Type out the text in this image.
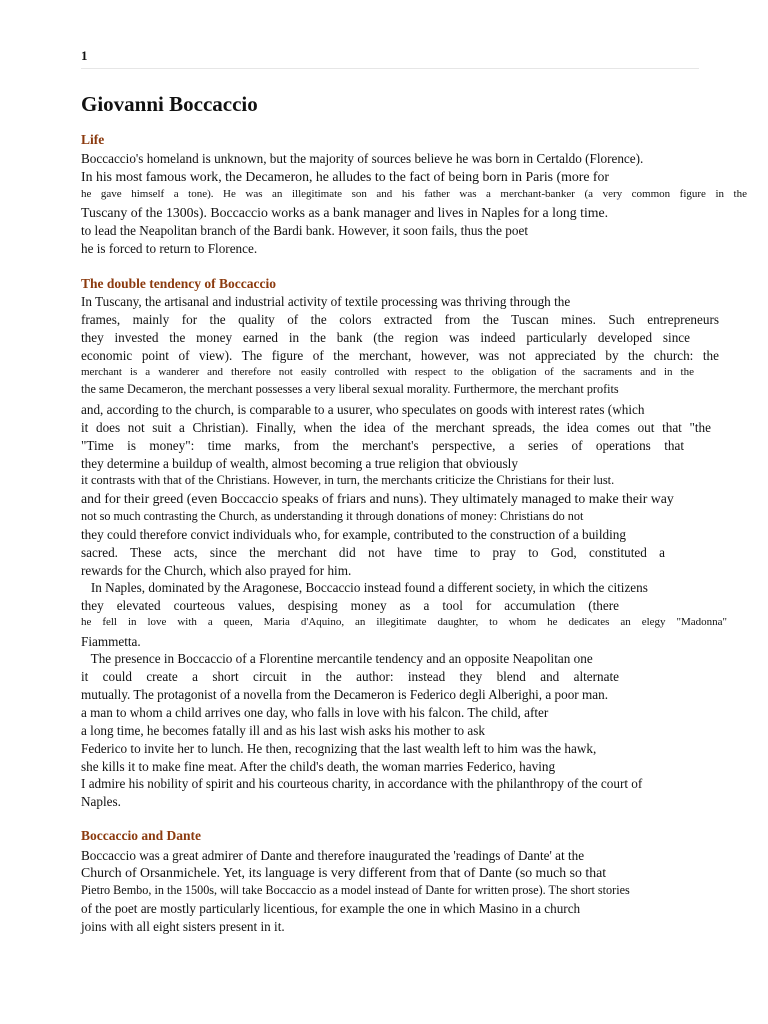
1
Giovanni Boccaccio
Life
Boccaccio's homeland is unknown, but the majority of sources believe he was born in Certaldo (Florence).
In his most famous work, the Decameron, he alludes to the fact of being born in Paris (more for
he gave himself a tone). He was an illegitimate son and his father was a merchant-banker (a very common figure in the
Tuscany of the 1300s). Boccaccio works as a bank manager and lives in Naples for a long time.
to lead the Neapolitan branch of the Bardi bank. However, it soon fails, thus the poet
he is forced to return to Florence.
The double tendency of Boccaccio
In Tuscany, the artisanal and industrial activity of textile processing was thriving through the
frames, mainly for the quality of the colors extracted from the Tuscan mines. Such entrepreneurs
they invested the money earned in the bank (the region was indeed particularly developed since
economic point of view). The figure of the merchant, however, was not appreciated by the church: the
merchant is a wanderer and therefore not easily controlled with respect to the obligation of the sacraments and in the
the same Decameron, the merchant possesses a very liberal sexual morality. Furthermore, the merchant profits
and, according to the church, is comparable to a usurer, who speculates on goods with interest rates (which
it does not suit a Christian). Finally, when the idea of the merchant spreads, the idea comes out that "the
"Time is money": time marks, from the merchant's perspective, a series of operations that
they determine a buildup of wealth, almost becoming a true religion that obviously
it contrasts with that of the Christians. However, in turn, the merchants criticize the Christians for their lust.
and for their greed (even Boccaccio speaks of friars and nuns). They ultimately managed to make their way
not so much contrasting the Church, as understanding it through donations of money: Christians do not
they could therefore convict individuals who, for example, contributed to the construction of a building
sacred. These acts, since the merchant did not have time to pray to God, constituted a
rewards for the Church, which also prayed for him.
In Naples, dominated by the Aragonese, Boccaccio instead found a different society, in which the citizens
they elevated courteous values, despising money as a tool for accumulation (there
he fell in love with a queen, Maria d'Aquino, an illegitimate daughter, to whom he dedicates an elegy "Madonna"
Fiammetta.
The presence in Boccaccio of a Florentine mercantile tendency and an opposite Neapolitan one
it could create a short circuit in the author: instead they blend and alternate
mutually. The protagonist of a novella from the Decameron is Federico degli Alberighi, a poor man.
a man to whom a child arrives one day, who falls in love with his falcon. The child, after
a long time, he becomes fatally ill and as his last wish asks his mother to ask
Federico to invite her to lunch. He then, recognizing that the last wealth left to him was the hawk,
she kills it to make fine meat. After the child's death, the woman marries Federico, having
I admire his nobility of spirit and his courteous charity, in accordance with the philanthropy of the court of
Naples.
Boccaccio and Dante
Boccaccio was a great admirer of Dante and therefore inaugurated the 'readings of Dante' at the
Church of Orsanmichele. Yet, its language is very different from that of Dante (so much so that
Pietro Bembo, in the 1500s, will take Boccaccio as a model instead of Dante for written prose). The short stories
of the poet are mostly particularly licentious, for example the one in which Masino in a church
joins with all eight sisters present in it.
